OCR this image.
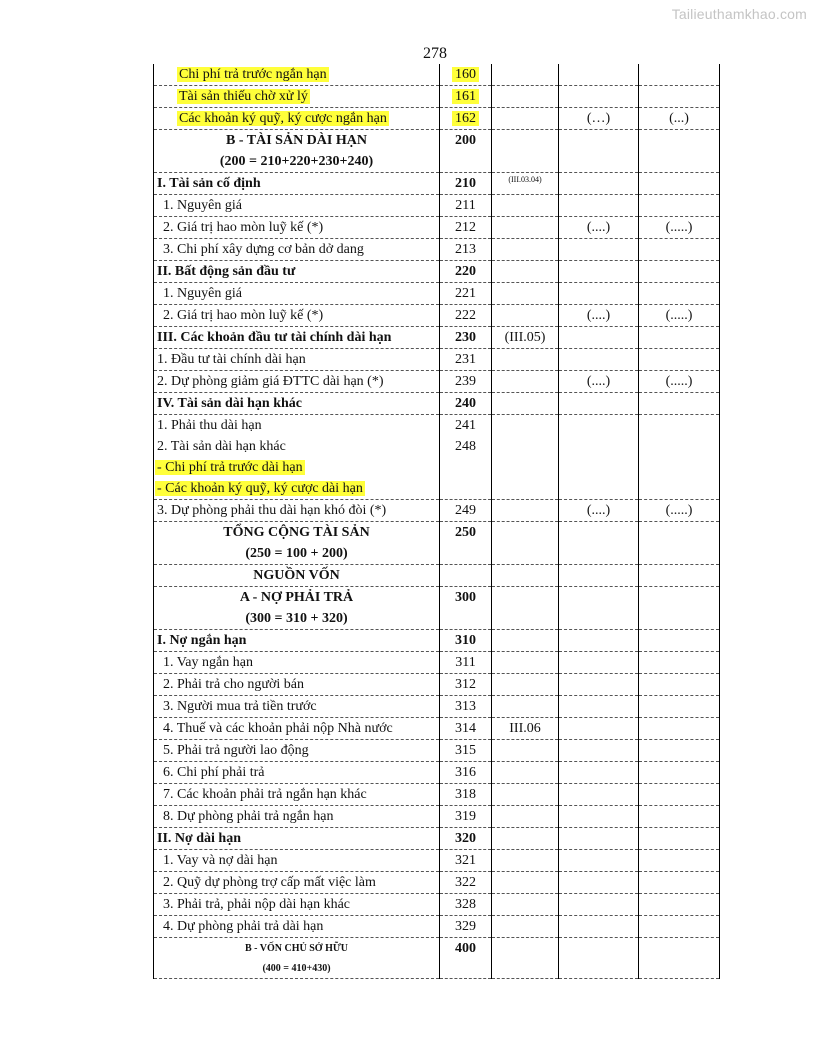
Tailieuthamkhao.com
278
Chi phí trả trước ngắn hạn	160			
Tài sản thiếu chờ xử lý	161			
Các khoản ký quỹ, ký cược ngắn hạn	162		(…)	(...)
B - TÀI SẢN DÀI HẠN	200			
(200 = 210+220+230+240)				
I. Tài sản cố định	210	$^{(III.03.04)}$		
1. Nguyên giá	211			
2. Giá trị hao mòn luỹ kế (*)	212		(....)	(.....)
3. Chi phí xây dựng cơ bản dở dang	213			
II. Bất động sản đầu tư	220			
1. Nguyên giá	221			
2. Giá trị hao mòn luỹ kế (*)	222		(....)	(.....)
III. Các khoản đầu tư tài chính dài hạn	230	(III.05)		
1. Đầu tư tài chính dài hạn	231			
2. Dự phòng giảm giá ĐTTC dài hạn (*)	239		(....)	(.....)
IV. Tài sản dài hạn khác	240			
1. Phải thu dài hạn	241			
2. Tài sản dài hạn khác	248			
- Chi phí trả trước dài hạn				
- Các khoản ký quỹ, ký cược dài hạn				
3. Dự phòng phải thu dài hạn khó đòi (*)	249		(....)	(.....)
TỔNG CỘNG TÀI SẢN	250			
(250 = 100 + 200)				
NGUỒN VỐN				
A - NỢ PHẢI TRẢ	300			
(300 = 310 + 320)				
I. Nợ ngắn hạn	310			
1. Vay ngắn hạn	311			
2. Phải trả cho người bán	312			
3. Người mua trả tiền trước	313			
4. Thuế và các khoản phải nộp Nhà nước	314	III.06		
5. Phải trả người lao động	315			
6. Chi phí phải trả	316			
7. Các khoản phải trả ngắn hạn khác	318			
8. Dự phòng phải trả ngắn hạn	319			
II. Nợ dài hạn	320			
1. Vay và nợ dài hạn	321			
2. Quỹ dự phòng trợ cấp mất việc làm	322			
3. Phải trả, phải nộp dài hạn khác	328			
4. Dự phòng phải trả dài hạn	329			
B - VỐN CHỦ SỞ HỮU	400			
(400 = 410+430)				
